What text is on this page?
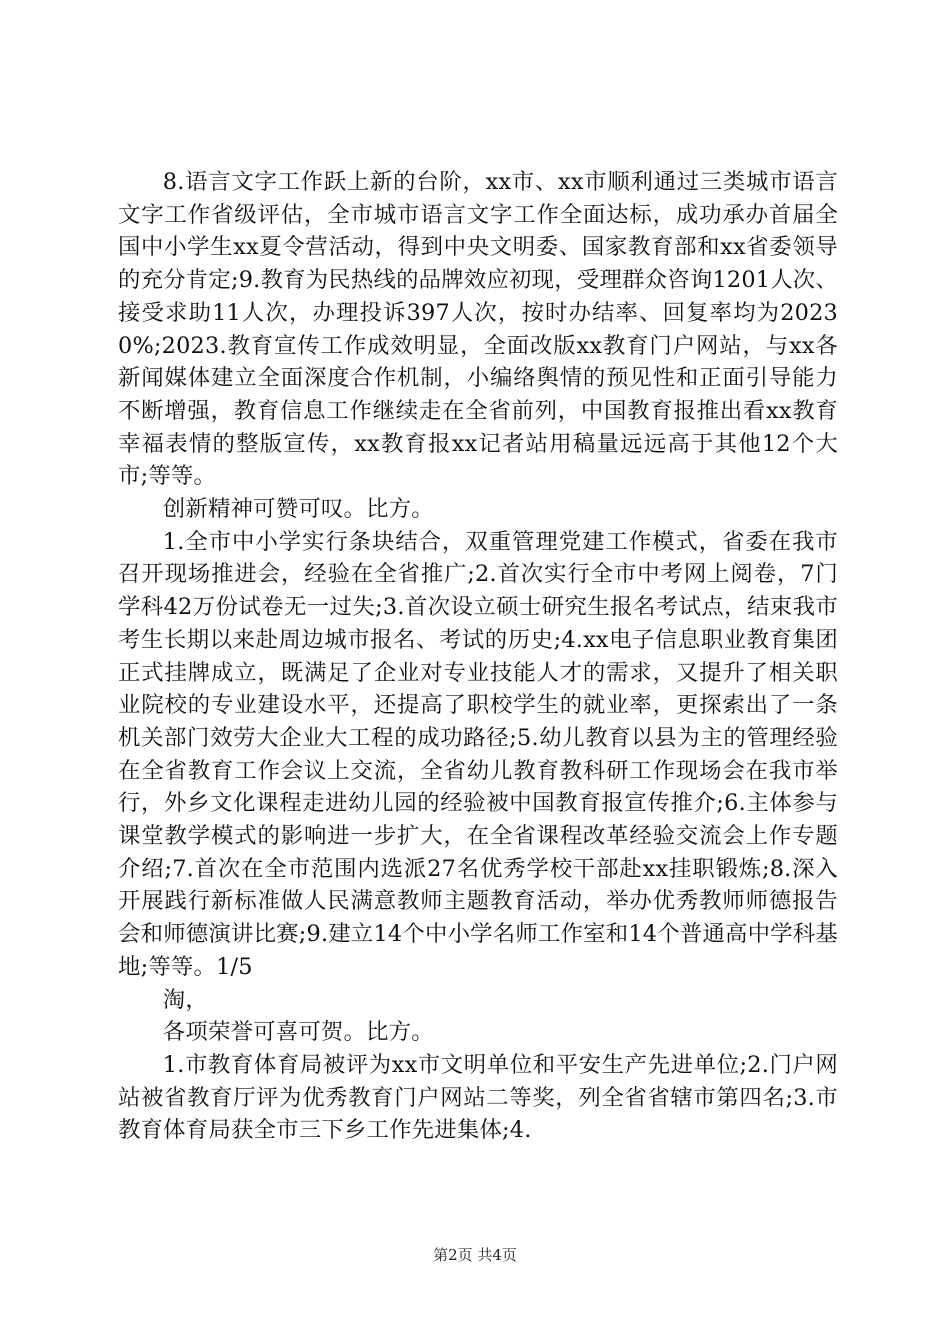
8.语言文字工作跃上新的台阶，xx市、xx市顺利通过三类城市语言文字工作省级评估，全市城市语言文字工作全面达标，成功承办首届全国中小学生xx夏令营活动，得到中央文明委、国家教育部和xx省委领导的充分肯定;9.教育为民热线的品牌效应初现，受理群众咨询1201人次、接受求助11人次，办理投诉397人次，按时办结率、回复率均为20230%;2023.教育宣传工作成效明显，全面改版xx教育门户网站，与xx各新闻媒体建立全面深度合作机制，小编络舆情的预见性和正面引导能力不断增强，教育信息工作继续走在全省前列，中国教育报推出看xx教育幸福表情的整版宣传，xx教育报xx记者站用稿量远远高于其他12个大市;等等。

创新精神可赞可叹。比方。

1.全市中小学实行条块结合，双重管理党建工作模式，省委在我市召开现场推进会，经验在全省推广;2.首次实行全市中考网上阅卷，7门学科42万份试卷无一过失;3.首次设立硕士研究生报名考试点，结束我市考生长期以来赴周边城市报名、考试的历史;4.xx电子信息职业教育集团正式挂牌成立，既满足了企业对专业技能人才的需求，又提升了相关职业院校的专业建设水平，还提高了职校学生的就业率，更探索出了一条机关部门效劳大企业大工程的成功路径;5.幼儿教育以县为主的管理经验在全省教育工作会议上交流，全省幼儿教育教科研工作现场会在我市举行，外乡文化课程走进幼儿园的经验被中国教育报宣传推介;6.主体参与课堂教学模式的影响进一步扩大，在全省课程改革经验交流会上作专题介绍;7.首次在全市范围内选派27名优秀学校干部赴xx挂职锻炼;8.深入开展践行新标准做人民满意教师主题教育活动，举办优秀教师师德报告会和师德演讲比赛;9.建立14个中小学名师工作室和14个普通高中学科基地;等等。1/5

淘，

各项荣誉可喜可贺。比方。

1.市教育体育局被评为xx市文明单位和平安生产先进单位;2.门户网站被省教育厅评为优秀教育门户网站二等奖，列全省省辖市第四名;3.市教育体育局获全市三下乡工作先进集体;4.

第2页 共4页
